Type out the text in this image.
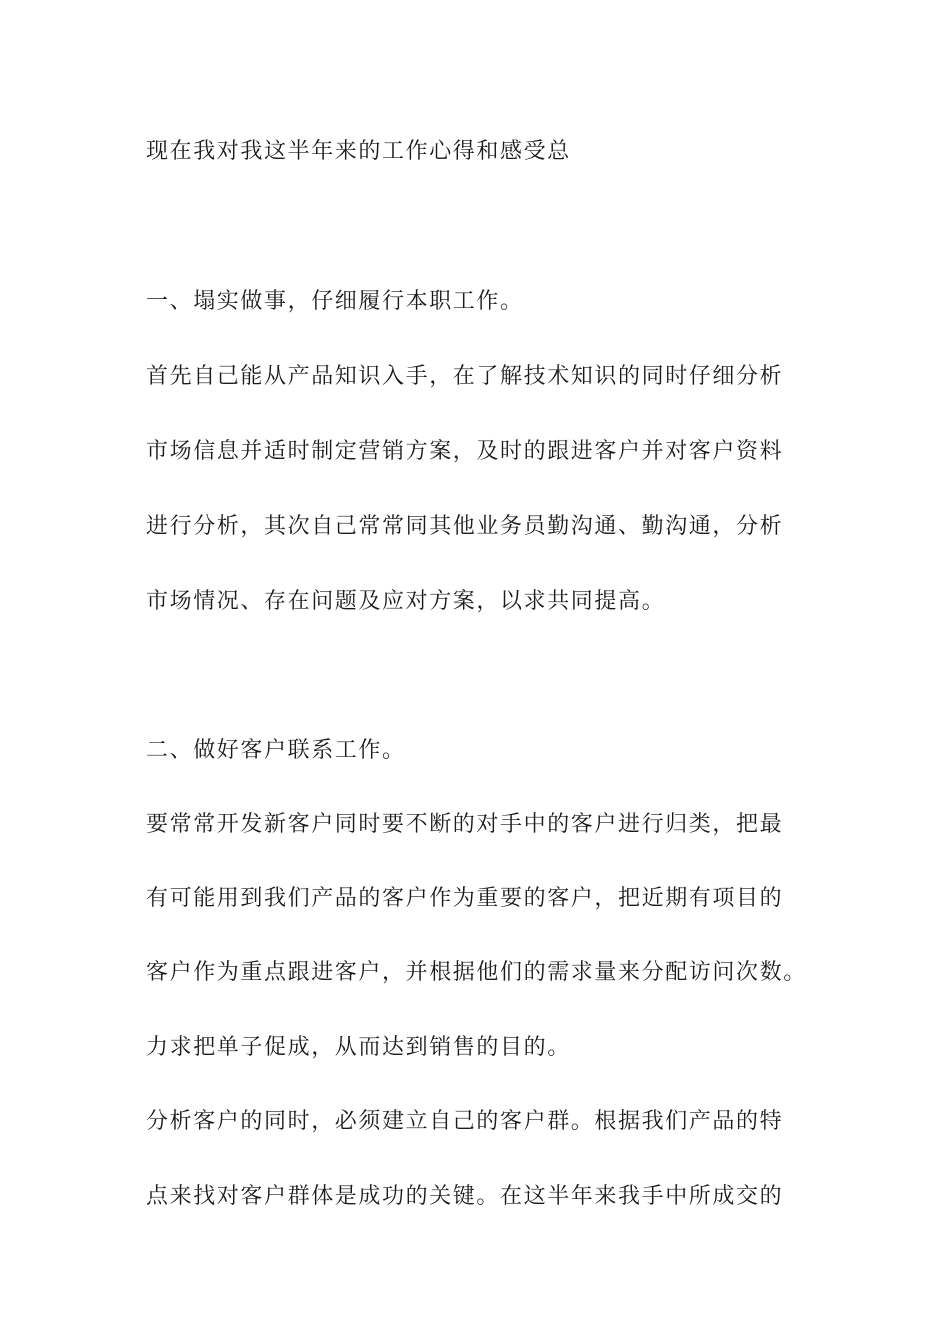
现在我对我这半年来的工作心得和感受总
一、塌实做事，仔细履行本职工作。
首先自己能从产品知识入手，在了解技术知识的同时仔细分析
市场信息并适时制定营销方案，及时的跟进客户并对客户资料
进行分析，其次自己常常同其他业务员勤沟通、勤沟通，分析
市场情况、存在问题及应对方案，以求共同提高。
二、做好客户联系工作。
要常常开发新客户同时要不断的对手中的客户进行归类，把最
有可能用到我们产品的客户作为重要的客户，把近期有项目的
客户作为重点跟进客户，并根据他们的需求量来分配访问次数。
力求把单子促成，从而达到销售的目的。
分析客户的同时，必须建立自己的客户群。根据我们产品的特
点来找对客户群体是成功的关键。在这半年来我手中所成交的
